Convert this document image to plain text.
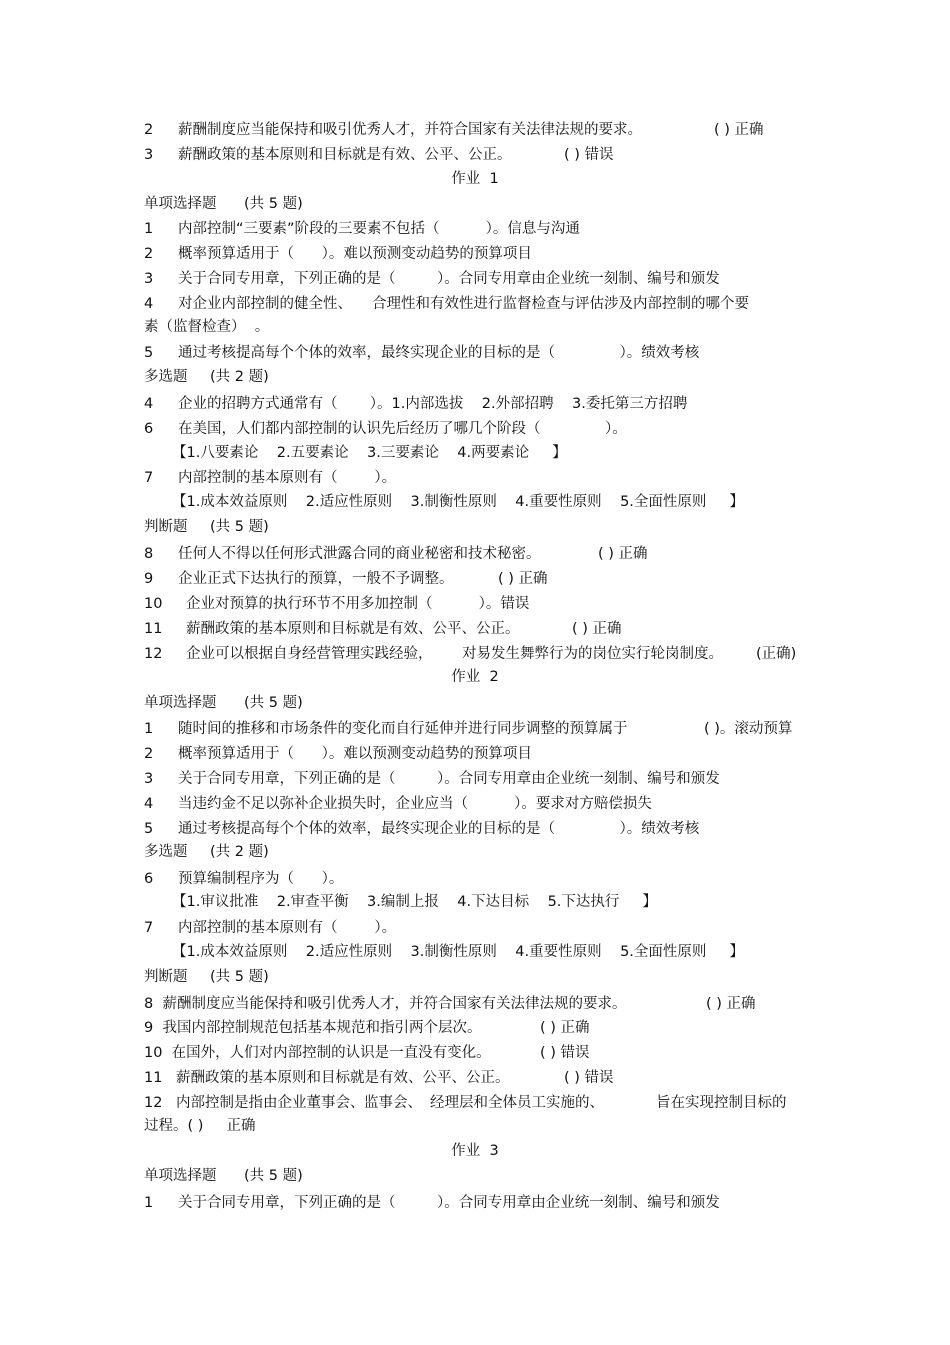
2

薪酬制度应当能保持和吸引优秀人才，并符合国家有关法律法规的要求。

	( ) 正确

3

薪酬政策的基本原则和目标就是有效、公平、公正。

	( ) 错误

作业  1

单项选择题

(共 5 题)

1

内部控制“三要素”阶段的三要素不包括（          ）。信息与沟通

2

概率预算适用于（      ）。难以预测变动趋势的预算项目

3

关于合同专用章，下列正确的是（         ）。合同专用章由企业统一刻制、编号和颁发

4

对企业内部控制的健全性、

合理性和有效性进行监督检查与评估涉及内部控制的哪个要

素（监督检查）  。

5

通过考核提高每个个体的效率，最终实现企业的目标的是（              ）。绩效考核

多选题

(共 2 题)

4

企业的招聘方式通常有（       ）。1.内部选拔    2.外部招聘    3.委托第三方招聘

6

在美国，人们都内部控制的认识先后经历了哪几个阶段（              ）。

【1.八要素论    2.五要素论    3.三要素论    4.两要素论     】

7

内部控制的基本原则有（        ）。

【1.成本效益原则    2.适应性原则    3.制衡性原则    4.重要性原则    5.全面性原则     】

判断题

(共 5 题)

8

任何人不得以任何形式泄露合同的商业秘密和技术秘密。

	( ) 正确

9

企业正式下达执行的预算，一般不予调整。

	( ) 正确

10

企业对预算的执行环节不用多加控制（          ）。错误

11

薪酬政策的基本原则和目标就是有效、公平、公正。

	( ) 正确

12

企业可以根据自身经营管理实践经验，

对易发生舞弊行为的岗位实行轮岗制度。

(正确)

作业  2

单项选择题

(共 5 题)

1

随时间的推移和市场条件的变化而自行延伸并进行同步调整的预算属于

	( )。滚动预算

2

概率预算适用于（      ）。难以预测变动趋势的预算项目

3

关于合同专用章，下列正确的是（         ）。合同专用章由企业统一刻制、编号和颁发

4

当违约金不足以弥补企业损失时，企业应当（          ）。要求对方赔偿损失

5

通过考核提高每个个体的效率，最终实现企业的目标的是（              ）。绩效考核

多选题

(共 2 题)

6

预算编制程序为（      ）。

【1.审议批准    2.审查平衡    3.编制上报    4.下达目标    5.下达执行     】

7

内部控制的基本原则有（        ）。

【1.成本效益原则    2.适应性原则    3.制衡性原则    4.重要性原则    5.全面性原则     】

判断题

(共 5 题)

8  薪酬制度应当能保持和吸引优秀人才，并符合国家有关法律法规的要求。

	( ) 正确

9  我国内部控制规范包括基本规范和指引两个层次。

	( ) 正确

10  在国外，人们对内部控制的认识是一直没有变化。

	( ) 错误

11

薪酬政策的基本原则和目标就是有效、公平、公正。

	( ) 错误

12

内部控制是指由企业董事会、

监事会、

经理层和全体员工实施的、

	旨在实现控制目标的

过程。( )     正确

作业  3

单项选择题

(共 5 题)

1

关于合同专用章，下列正确的是（         ）。合同专用章由企业统一刻制、编号和颁发
